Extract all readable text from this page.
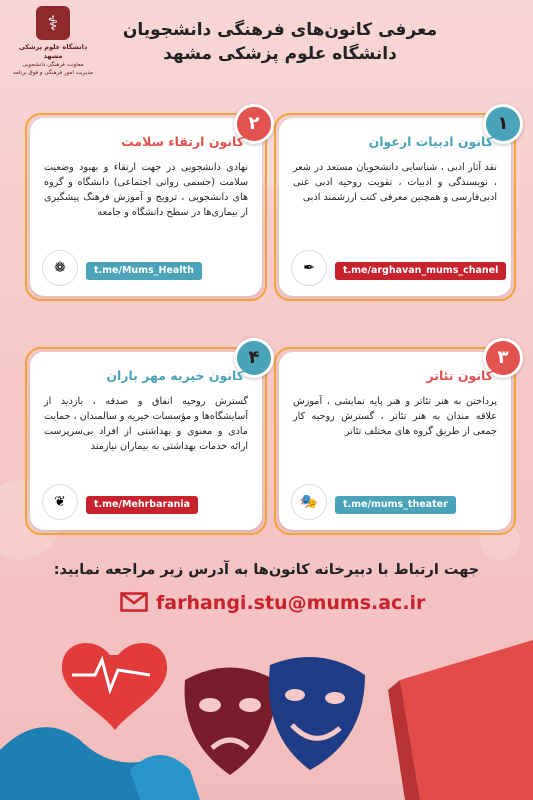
⚕
دانشگاه علوم پزشکی مشهد
معاونت فرهنگی دانشجویی
مدیریت امور فرهنگی و فوق برنامه
معرفی کانون‌های فرهنگی دانشجویان
دانشگاه علوم پزشکی مشهد
۱
کانون ادبیات ارغوان
نقد آثار ادبی ، شناسایی دانشجویان مستعد در شعر ، نویسندگی و ادبیات ، تقویت روحیه ادبی غنی ادبی‌فارسی و همچنین معرفی کتب ارزشمند ادبی
✒	t.me/arghavan_mums_chanel
۲
کانون ارتقاء سلامت
نهادی دانشجویی در جهت ارتقاء و بهبود وضعیت سلامت (جسمی روانی اجتماعی) دانشگاه و گروه های دانشجویی ، ترویج و آموزش فرهنگ پیشگیری از بیماری‌ها در سطح دانشگاه و جامعه
❁	t.me/Mums_Health
۳
کانون تئاتر
پرداختن به هنر تئاتر و هنر پایه نمایشی ، آموزش علاقه مندان به هنر تئاتر ، گسترش روحیه کار جمعی از طریق گروه های مختلف تئاتر
🎭	t.me/mums_theater
۴
کانون خیریه مهر باران
گسترش روحیه انفاق و صدقه ، بازدید از آسایشگاه‌ها و مؤسسات خیریه و سالمندان ، حمایت مادی و معنوی و بهداشتی از افراد بی‌سرپرست ارائه خدمات بهداشتی به بیماران نیازمند
❦	t.me/Mehrbarania
جهت ارتباط با دبیرخانه کانون‌ها به آدرس زیر مراجعه نمایید:
farhangi.stu@mums.ac.ir
